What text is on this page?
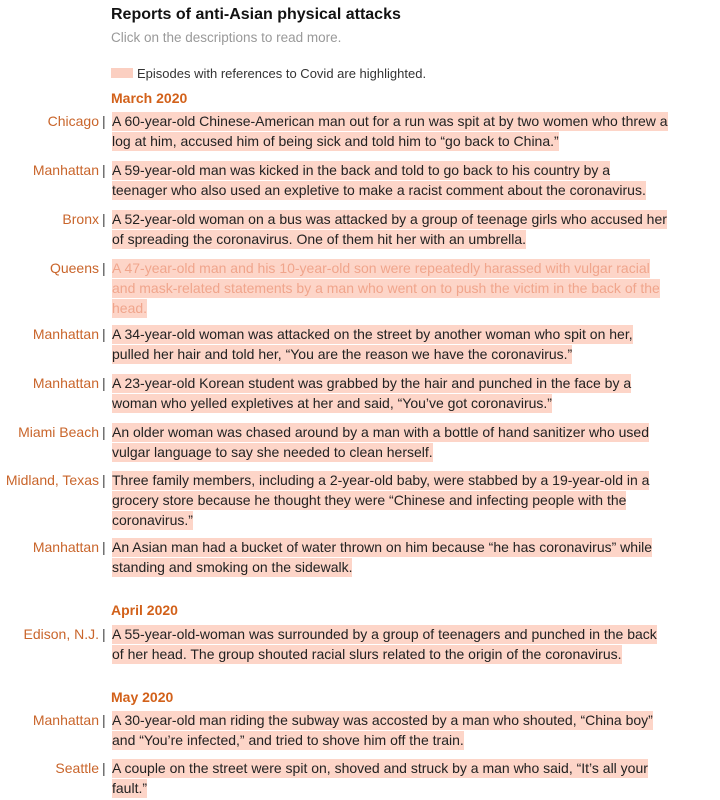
Reports of anti-Asian physical attacks
Click on the descriptions to read more.
Episodes with references to Covid are highlighted.
March 2020
Chicago | A 60-year-old Chinese-American man out for a run was spit at by two women who threw a log at him, accused him of being sick and told him to “go back to China.”
Manhattan | A 59-year-old man was kicked in the back and told to go back to his country by a teenager who also used an expletive to make a racist comment about the coronavirus.
Bronx | A 52-year-old woman on a bus was attacked by a group of teenage girls who accused her of spreading the coronavirus. One of them hit her with an umbrella.
Queens | A 47-year-old man and his 10-year-old son were repeatedly harassed with vulgar racial and mask-related statements by a man who went on to push the victim in the back of the head.
Manhattan | A 34-year-old woman was attacked on the street by another woman who spit on her, pulled her hair and told her, “You are the reason we have the coronavirus.”
Manhattan | A 23-year-old Korean student was grabbed by the hair and punched in the face by a woman who yelled expletives at her and said, “You’ve got coronavirus.”
Miami Beach | An older woman was chased around by a man with a bottle of hand sanitizer who used vulgar language to say she needed to clean herself.
Midland, Texas | Three family members, including a 2-year-old baby, were stabbed by a 19-year-old in a grocery store because he thought they were “Chinese and infecting people with the coronavirus.”
Manhattan | An Asian man had a bucket of water thrown on him because “he has coronavirus” while standing and smoking on the sidewalk.
April 2020
Edison, N.J. | A 55-year-old-woman was surrounded by a group of teenagers and punched in the back of her head. The group shouted racial slurs related to the origin of the coronavirus.
May 2020
Manhattan | A 30-year-old man riding the subway was accosted by a man who shouted, “China boy” and “You’re infected,” and tried to shove him off the train.
Seattle | A couple on the street were spit on, shoved and struck by a man who said, “It’s all your fault.”
